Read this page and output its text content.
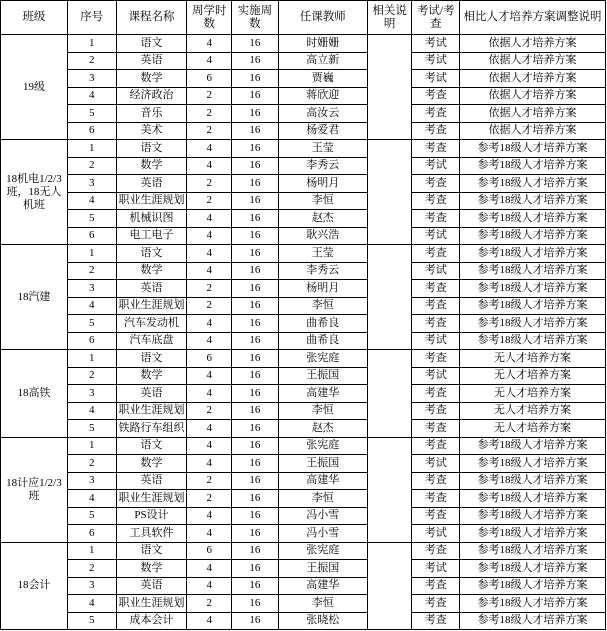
班级	序号	课程名称	周学时数	实施周数	任课教师	相关说明	考试/考查	相比人才培养方案调整说明
19级	1	语文	4	16	时姗姗		考试	依据人才培养方案
	2	英语	4	16	高立新		考试	依据人才培养方案
	3	数学	6	16	贾巍		考试	依据人才培养方案
	4	经济政治	2	16	蒋欣迎		考查	依据人才培养方案
	5	音乐	2	16	高汝云		考查	依据人才培养方案
	6	美术	2	16	杨爱君		考查	依据人才培养方案
18机电1/2/3班，18无人机班	1	语文	4	16	王莹		考查	参考18级人才培养方案
	2	数学	4	16	李秀云		考试	参考18级人才培养方案
	3	英语	2	16	杨明月		考查	参考18级人才培养方案
	4	职业生涯规划	2	16	李恒		考查	参考18级人才培养方案
	5	机械识图	4	16	赵杰		考查	参考18级人才培养方案
	6	电工电子	4	16	耿兴浩		考试	参考18级人才培养方案
18汽建	1	语文	4	16	王莹		考查	参考18级人才培养方案
	2	数学	4	16	李秀云		考试	参考18级人才培养方案
	3	英语	2	16	杨明月		考查	参考18级人才培养方案
	4	职业生涯规划	2	16	李恒		考查	参考18级人才培养方案
	5	汽车发动机	4	16	曲希良		考查	参考18级人才培养方案
	6	汽车底盘	4	16	曲希良		考试	参考18级人才培养方案
18高铁	1	语文	6	16	张宪庭		考查	无人才培养方案
	2	数学	4	16	王振国		考试	无人才培养方案
	3	英语	4	16	高建华		考查	无人才培养方案
	4	职业生涯规划	2	16	李恒		考查	无人才培养方案
	5	铁路行车组织	4	16	赵杰		考查	无人才培养方案
18计应1/2/3班	1	语文	4	16	张宪庭		考查	参考18级人才培养方案
	2	数学	4	16	王振国		考试	参考18级人才培养方案
	3	英语	2	16	高建华		考查	参考18级人才培养方案
	4	职业生涯规划	2	16	李恒		考查	参考18级人才培养方案
	5	PS设计	4	16	冯小雪		考查	参考18级人才培养方案
	6	工具软件	4	16	冯小雪		考试	参考18级人才培养方案
18会计	1	语文	6	16	张宪庭		考查	参考18级人才培养方案
	2	数学	4	16	王振国		考试	参考18级人才培养方案
	3	英语	4	16	高建华		考查	参考18级人才培养方案
	4	职业生涯规划	2	16	李恒		考查	参考18级人才培养方案
	5	成本会计	4	16	张晓松		考查	参考18级人才培养方案
